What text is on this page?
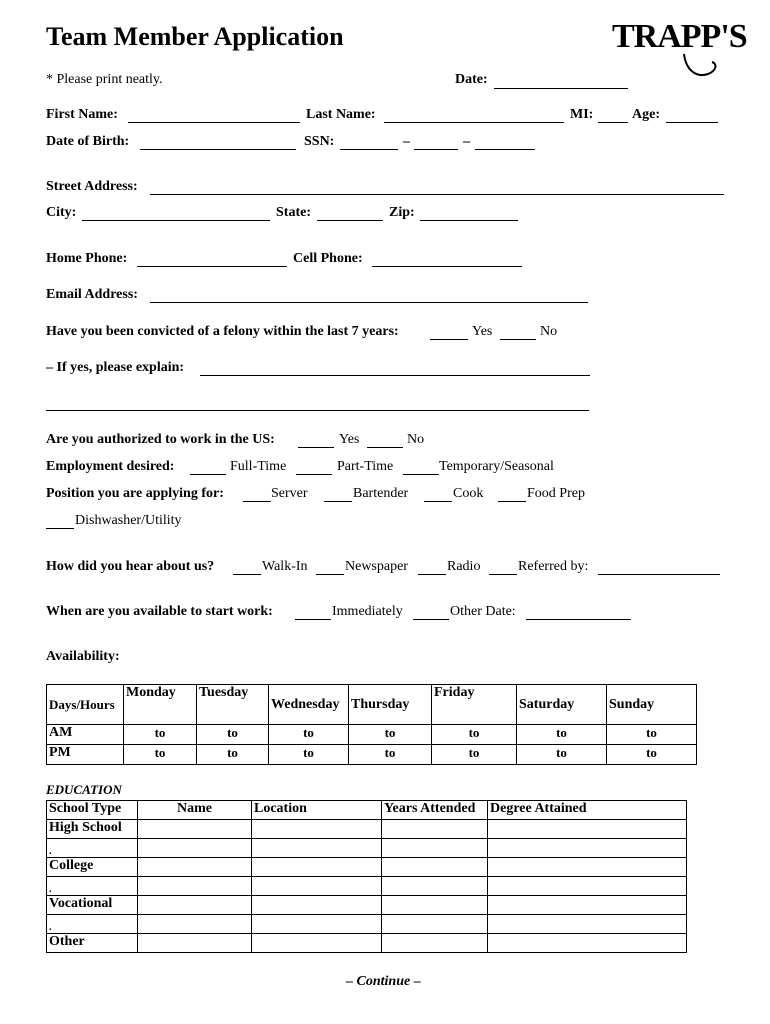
Team Member Application	TRAPP'S
* Please print neatly.	Date:
First Name:	Last Name:	MI:	Age:
Date of Birth:	SSN:	–	–
Street Address:
City:	State:	Zip:
Home Phone:	Cell Phone:
Email Address:
Have you been convicted of a felony within the last 7 years:	Yes	No
– If yes, please explain:
Are you authorized to work in the US:	Yes	No
Employment desired:	Full-Time	Part-Time	Temporary/Seasonal
Position you are applying for:	Server	Bartender	Cook	Food Prep
Dishwasher/Utility
How did you hear about us?	Walk-In	Newspaper	Radio	Referred by:
When are you available to start work:	Immediately	Other Date:
Availability:
Days/Hours	Monday	Tuesday	Wednesday	Thursday	Friday	Saturday	Sunday
AM	to	to	to	to	to	to	to
PM	to	to	to	to	to	to	to
EDUCATION
School Type	Name	Location	Years Attended	Degree Attained
High School				
.				
College				
.				
Vocational				
.				
Other				
– Continue –
